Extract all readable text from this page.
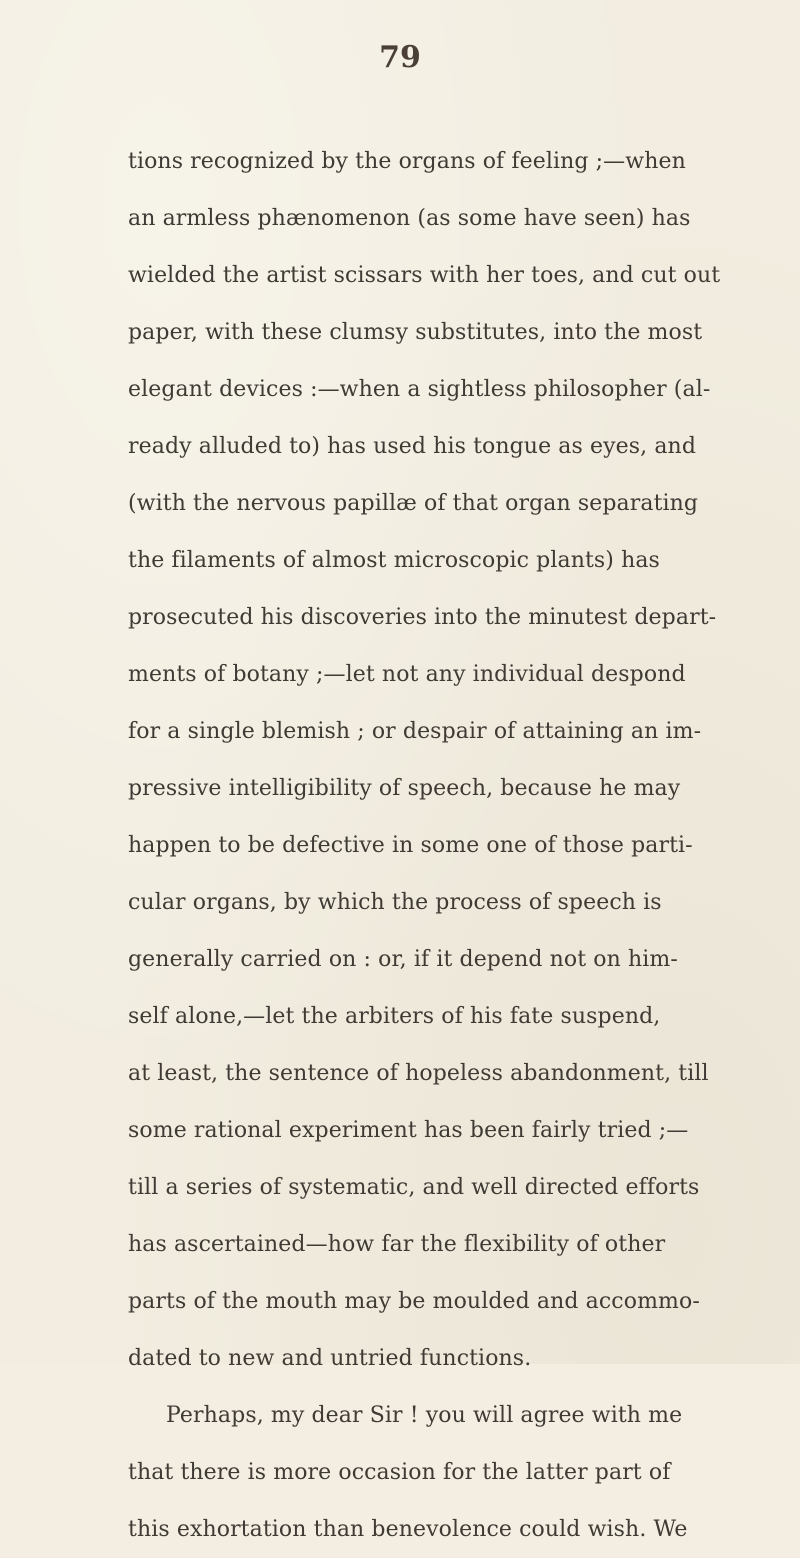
79
tions recognized by the organs of feeling ;—when
an armless phænomenon (as some have seen) has
wielded the artist scissars with her toes, and cut out
paper, with these clumsy substitutes, into the most
elegant devices :—when a sightless philosopher (al-
ready alluded to) has used his tongue as eyes, and
(with the nervous papillæ of that organ separating
the filaments of almost microscopic plants) has
prosecuted his discoveries into the minutest depart-
ments of botany ;—let not any individual despond
for a single blemish ; or despair of attaining an im-
pressive intelligibility of speech, because he may
happen to be defective in some one of those parti-
cular organs, by which the process of speech is
generally carried on : or, if it depend not on him-
self alone,—let the arbiters of his fate suspend,
at least, the sentence of hopeless abandonment, till
some rational experiment has been fairly tried ;—
till a series of systematic, and well directed efforts
has ascertained—how far the flexibility of other
parts of the mouth may be moulded and accommo-
dated to new and untried functions.
Perhaps, my dear Sir ! you will agree with me
that there is more occasion for the latter part of
this exhortation than benevolence could wish. We
